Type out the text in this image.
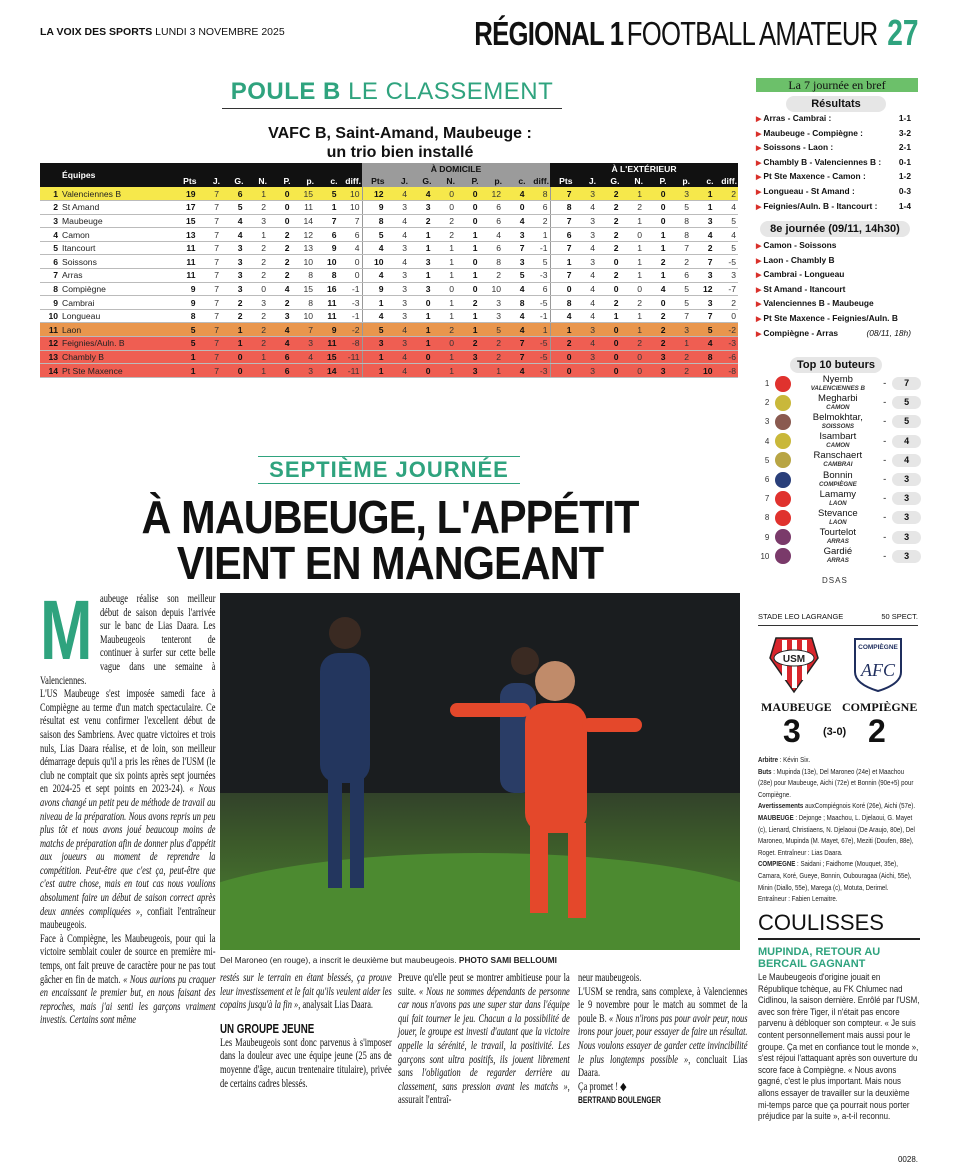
LA VOIX DES SPORTS LUNDI 3 NOVEMBRE 2025	RÉGIONAL 1 FOOTBALL AMATEUR 27
POULE B LE CLASSEMENT
VAFC B, Saint-Amand, Maubeuge :
un trio bien installé
Équipes										À DOMICILE								À L'EXTÉRIEUR							
		Pts	J.	G.	N.	P.	p.	c.	diff.	Pts	J.	G.	N.	P.	p.	c.	diff.	Pts	J.	G.	N.	P.	p.	c.	diff.
1	Valenciennes B	19	7	6	1	0	15	5	10	12	4	4	0	0	12	4	8	7	3	2	1	0	3	1	2
2	St Amand	17	7	5	2	0	11	1	10	9	3	3	0	0	6	0	6	8	4	2	2	0	5	1	4
3	Maubeuge	15	7	4	3	0	14	7	7	8	4	2	2	0	6	4	2	7	3	2	1	0	8	3	5
4	Camon	13	7	4	1	2	12	6	6	5	4	1	2	1	4	3	1	6	3	2	0	1	8	4	4
5	Itancourt	11	7	3	2	2	13	9	4	4	3	1	1	1	6	7	-1	7	4	2	1	1	7	2	5
6	Soissons	11	7	3	2	2	10	10	0	10	4	3	1	0	8	3	5	1	3	0	1	2	2	7	-5
7	Arras	11	7	3	2	2	8	8	0	4	3	1	1	1	2	5	-3	7	4	2	1	1	6	3	3
8	Compiègne	9	7	3	0	4	15	16	-1	9	3	3	0	0	10	4	6	0	4	0	0	4	5	12	-7
9	Cambrai	9	7	2	3	2	8	11	-3	1	3	0	1	2	3	8	-5	8	4	2	2	0	5	3	2
10	Longueau	8	7	2	2	3	10	11	-1	4	3	1	1	1	3	4	-1	4	4	1	1	2	7	7	0
11	Laon	5	7	1	2	4	7	9	-2	5	4	1	2	1	5	4	1	1	3	0	1	2	3	5	-2
12	Feignies/Auln. B	5	7	1	2	4	3	11	-8	3	3	1	0	2	2	7	-5	2	4	0	2	2	1	4	-3
13	Chambly B	1	7	0	1	6	4	15	-11	1	4	0	1	3	2	7	-5	0	3	0	0	3	2	8	-6
14	Pt Ste Maxence	1	7	0	1	6	3	14	-11	1	4	0	1	3	1	4	-3	0	3	0	0	3	2	10	-8
La 7 journée en bref
Résultats
▶ Arras - Cambrai :	1-1
▶ Maubeuge - Compiègne :	3-2
▶ Soissons - Laon :	2-1
▶ Chambly B - Valenciennes B : 0-1
▶ Pt Ste Maxence - Camon :	1-2
▶ Longueau - St Amand :	0-3
▶ Feignies/Auln. B - Itancourt :	1-4
8e journée (09/11, 14h30)
▶ Camon - Soissons
▶ Laon - Chambly B
▶ Cambrai - Longueau
▶ St Amand - Itancourt
▶ Valenciennes B - Maubeuge
▶ Pt Ste Maxence - Feignies/Auln. B
▶ Compiègne - Arras	(08/11, 18h)
Top 10 buteurs
1	Nyemb
VALENCIENNES B	-	7
2	Megharbi
CAMON	-	5
3	Belmokhtar,
SOISSONS	-	5
4	Isambart
CAMON	-	4
5	Ranschaert
CAMBRAI	-	4
6	Bonnin
COMPIÈGNE	-	3
7	Lamamy
LAON	-	3
8	Stevance
LAON	-	3
9	Tourtelot
ARRAS	-	3
10	Gardié
ARRAS	-	3
DSAS
SEPTIÈME JOURNÉE
À MAUBEUGE, L'APPÉTIT
VIENT EN MANGEANT
M aubeuge réalise son meilleur début de saison depuis l'arrivée sur le banc de Lias Daara. Les Maubeugeois tenteront de continuer à surfer sur cette belle vague dans une semaine à Valenciennes.

L'US Maubeuge s'est imposée samedi face à Compiègne au terme d'un match spectaculaire. Ce résultat est venu confirmer l'excellent début de saison des Sambriens. Avec quatre victoires et trois nuls, Lias Daara réalise, et de loin, son meilleur démarrage depuis qu'il a pris les rênes de l'USM (le club ne comptait que six points après sept journées en 2024-25 et sept points en 2023-24). « Nous avons changé un petit peu de méthode de travail au niveau de la préparation. Nous avons repris un peu plus tôt et nous avons joué beaucoup moins de matchs de préparation afin de donner plus d'appétit aux joueurs au moment de reprendre la compétition. Peut-être que c'est ça, peut-être que c'est autre chose, mais en tout cas nous voulions absolument faire un début de saison correct après deux années compliquées », confiait l'entraîneur maubeugeois.

Face à Compiègne, les Maubeugeois, pour qui la victoire semblait couler de source en première mi-temps, ont fait preuve de caractère pour ne pas tout gâcher en fin de match. « Nous aurions pu craquer en encaissant le premier but, en nous faisant des reproches, mais j'ai senti les garçons vraiment investis. Certains sont même

Del Maroneo (en rouge), a inscrit le deuxième but maubeugeois. PHOTO SAMI BELLOUMI

restés sur le terrain en étant blessés, ça prouve leur investissement et le fait qu'ils veulent aider les copains jusqu'à la fin », analysait Lias Daara.

UN GROUPE JEUNE

Les Maubeugeois sont donc parvenus à s'imposer dans la douleur avec une équipe jeune (25 ans de moyenne d'âge, aucun trentenaire titulaire), privée de certains cadres blessés.

Preuve qu'elle peut se montrer ambitieuse pour la suite. « Nous ne sommes dépendants de personne car nous n'avons pas une super star dans l'équipe qui fait tourner le jeu. Chacun a la possibilité de jouer, le groupe est investi d'autant que la victoire appelle la sérénité, le travail, la positivité. Les garçons sont ultra positifs, ils jouent librement sans l'obligation de regarder derrière au classement, sans pression avant les matchs », assurait l'entraî-

neur maubeugeois.

L'USM se rendra, sans complexe, à Valenciennes le 9 novembre pour le match au sommet de la poule B. « Nous n'irons pas pour avoir peur, nous irons pour jouer, pour essayer de faire un résultat. Nous voulons essayer de garder cette invincibilité le plus longtemps possible », concluait Lias Daara.

Ça promet ! ◆

BERTRAND BOULENGER
STADE LEO LAGRANGE	50 SPECT.
USM
COMPIÈGNE
AFC
MAUBEUGE COMPIÈGNE
3 (3-0) 2
Arbitre : Kévin Six.
Buts : Mupinda (13e), Del Maroneo (24e) et Maachou (28e) pour Maubeuge, Aichi (72e) et Bonnin (90e+5) pour Compiègne.
Avertissements auxCompiégnois Koré (26e), Aichi (57e).
MAUBEUGE : Dejonge ; Maachou, L. Djelaoui, G. Mayet (c), Lienard, Christiaens, N. Djelaoui (De Araujo, 80e), Del Maroneo, Mupinda (M. Mayet, 67e), Meziti (Doufen, 88e), Roget. Entraîneur : Lias Daara.
COMPIEGNE : Saidani ; Faidhome (Mouquet, 35e), Camara, Koré, Gueye, Bonnin, Oubouragaa (Aichi, 55e), Minin (Diallo, 55e), Marega (c), Motuta, Derimel. Entraîneur : Fabien Lemaitre.
COULISSES
MUPINDA, RETOUR AU BERCAIL GAGNANT
Le Maubeugeois d'origine jouait en République tchèque, au FK Chlumec nad Cidlinou, la saison dernière. Enrôlé par l'USM, avec son frère Tiger, il n'était pas encore parvenu à débloquer son compteur. « Je suis content personnellement mais aussi pour le groupe. Ça met en confiance tout le monde », s'est réjoui l'attaquant après son ouverture du score face à Compiègne. « Nous avons gagné, c'est le plus important. Mais nous allons essayer de travailler sur la deuxième mi-temps parce que ça pourrait nous porter préjudice par la suite », a-t-il reconnu.
0028.
